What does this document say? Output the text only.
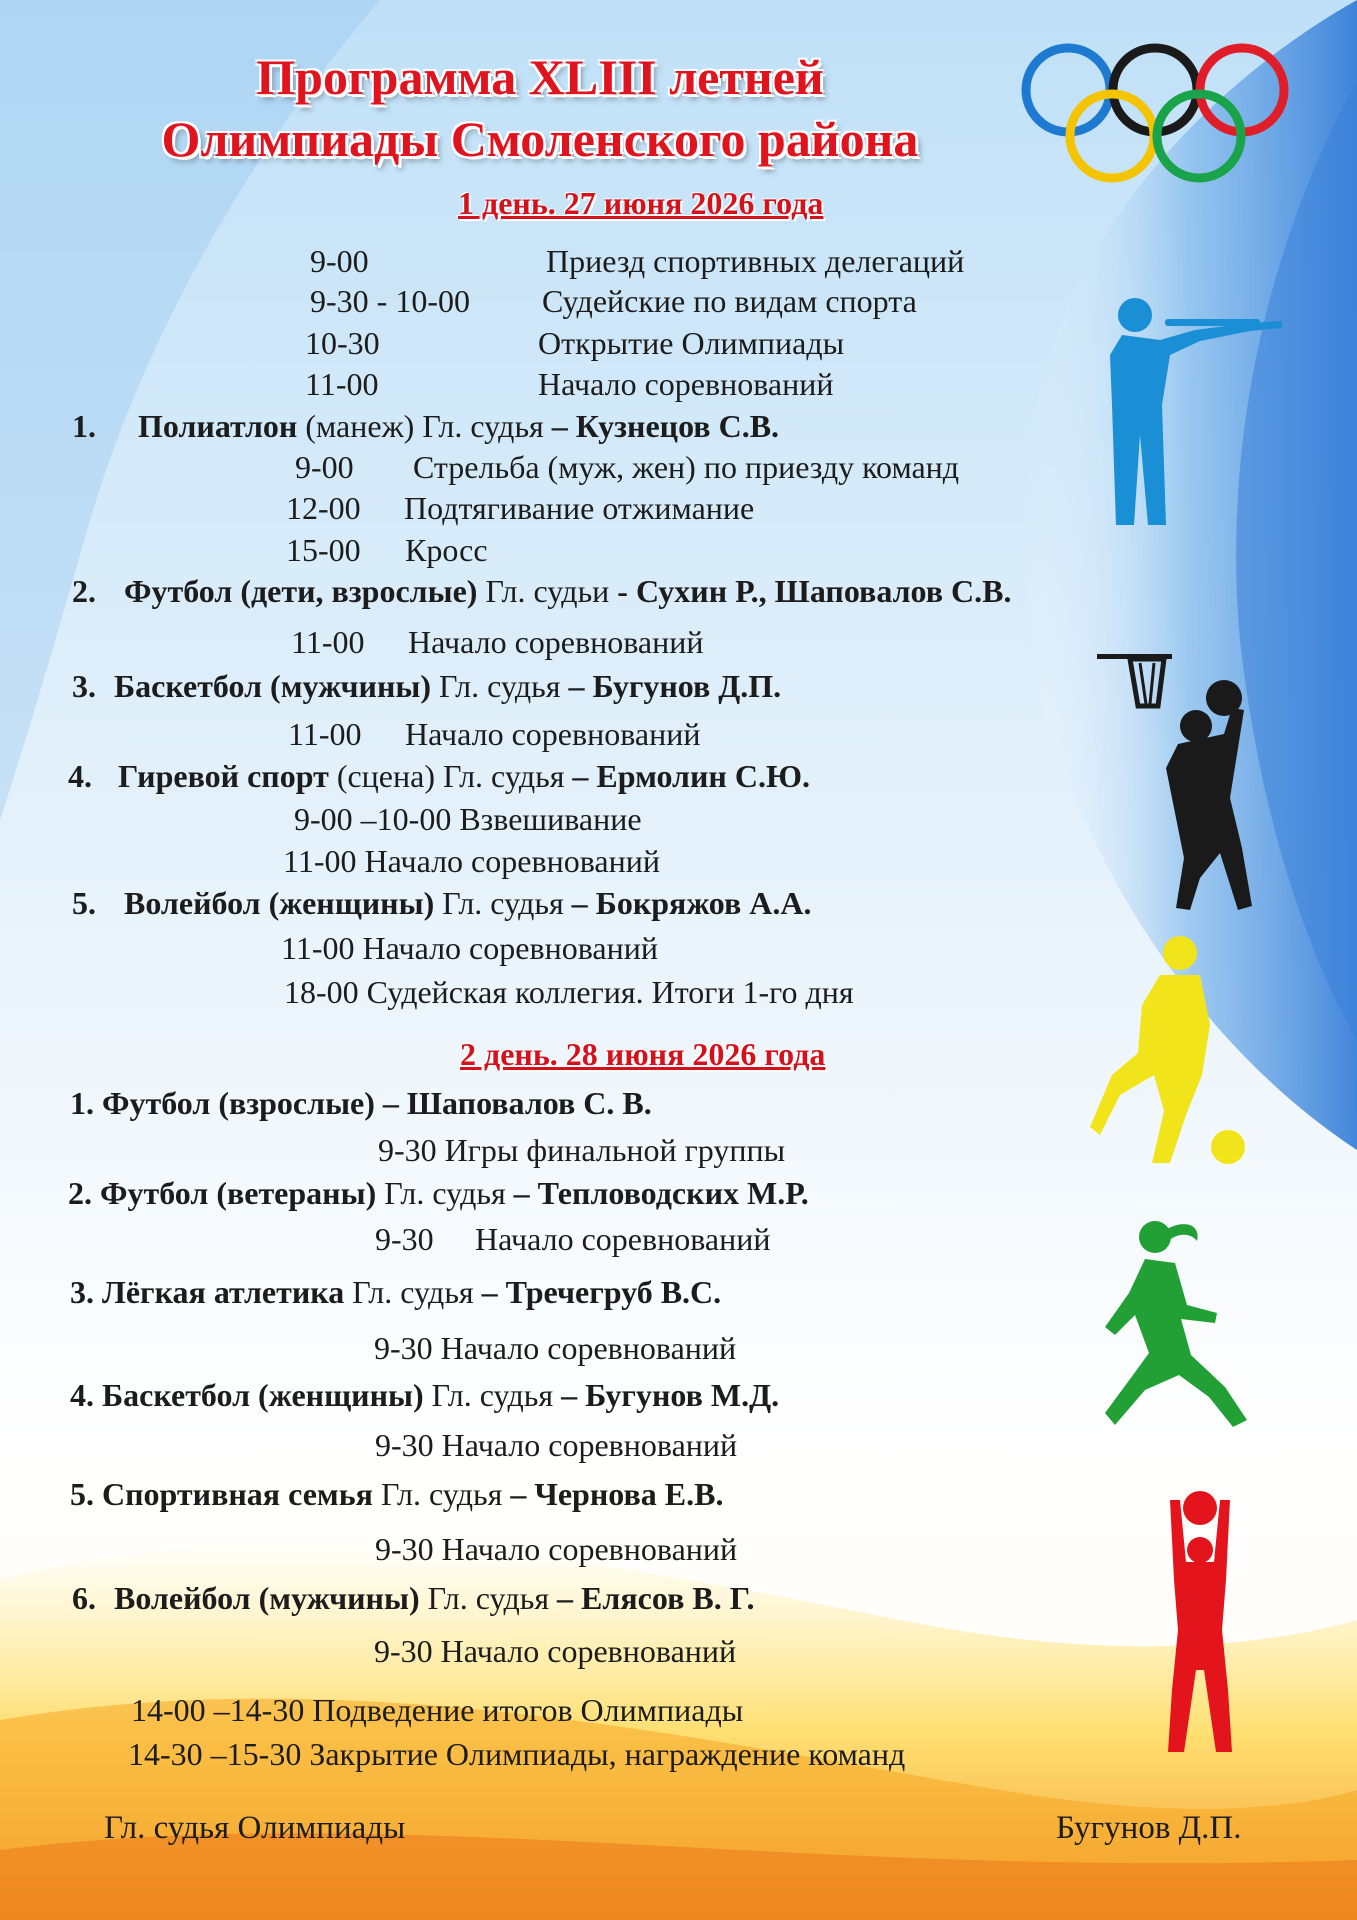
Программа XLIII летней
Олимпиады Смоленского района
1 день. 27 июня 2026 года
9-00	Приезд спортивных делегаций
9-30 - 10-00 Судейские по видам спорта
10-30	Открытие Олимпиады
11-00	Начало соревнований
1. Полиатлон (манеж) Гл. судья – Кузнецов С.В.
9-00 Стрельба (муж, жен) по приезду команд
12-00 Подтягивание отжимание
15-00 Кросс
2. Футбол (дети, взрослые) Гл. судьи - Сухин Р., Шаповалов С.В.
11-00 Начало соревнований
3. Баскетбол (мужчины) Гл. судья – Бугунов Д.П.
11-00 Начало соревнований
4. Гиревой спорт (сцена) Гл. судья – Ермолин С.Ю.
9-00 –10-00 Взвешивание
11-00 Начало соревнований
5. Волейбол (женщины) Гл. судья – Бокряжов А.А.
11-00 Начало соревнований
18-00 Судейская коллегия. Итоги 1-го дня
2 день. 28 июня 2026 года
1. Футбол (взрослые) – Шаповалов С. В.
9-30 Игры финальной группы
2. Футбол (ветераны) Гл. судья – Тепловодских М.Р.
9-30 Начало соревнований
3. Лёгкая атлетика Гл. судья – Тречегруб В.С.
9-30 Начало соревнований
4. Баскетбол (женщины) Гл. судья – Бугунов М.Д.
9-30 Начало соревнований
5. Спортивная семья Гл. судья – Чернова Е.В.
9-30 Начало соревнований
6. Волейбол (мужчины) Гл. судья – Елясов В. Г.
9-30 Начало соревнований
14-00 –14-30 Подведение итогов Олимпиады
14-30 –15-30 Закрытие Олимпиады, награждение команд
Гл. судья Олимпиады	Бугунов Д.П.
